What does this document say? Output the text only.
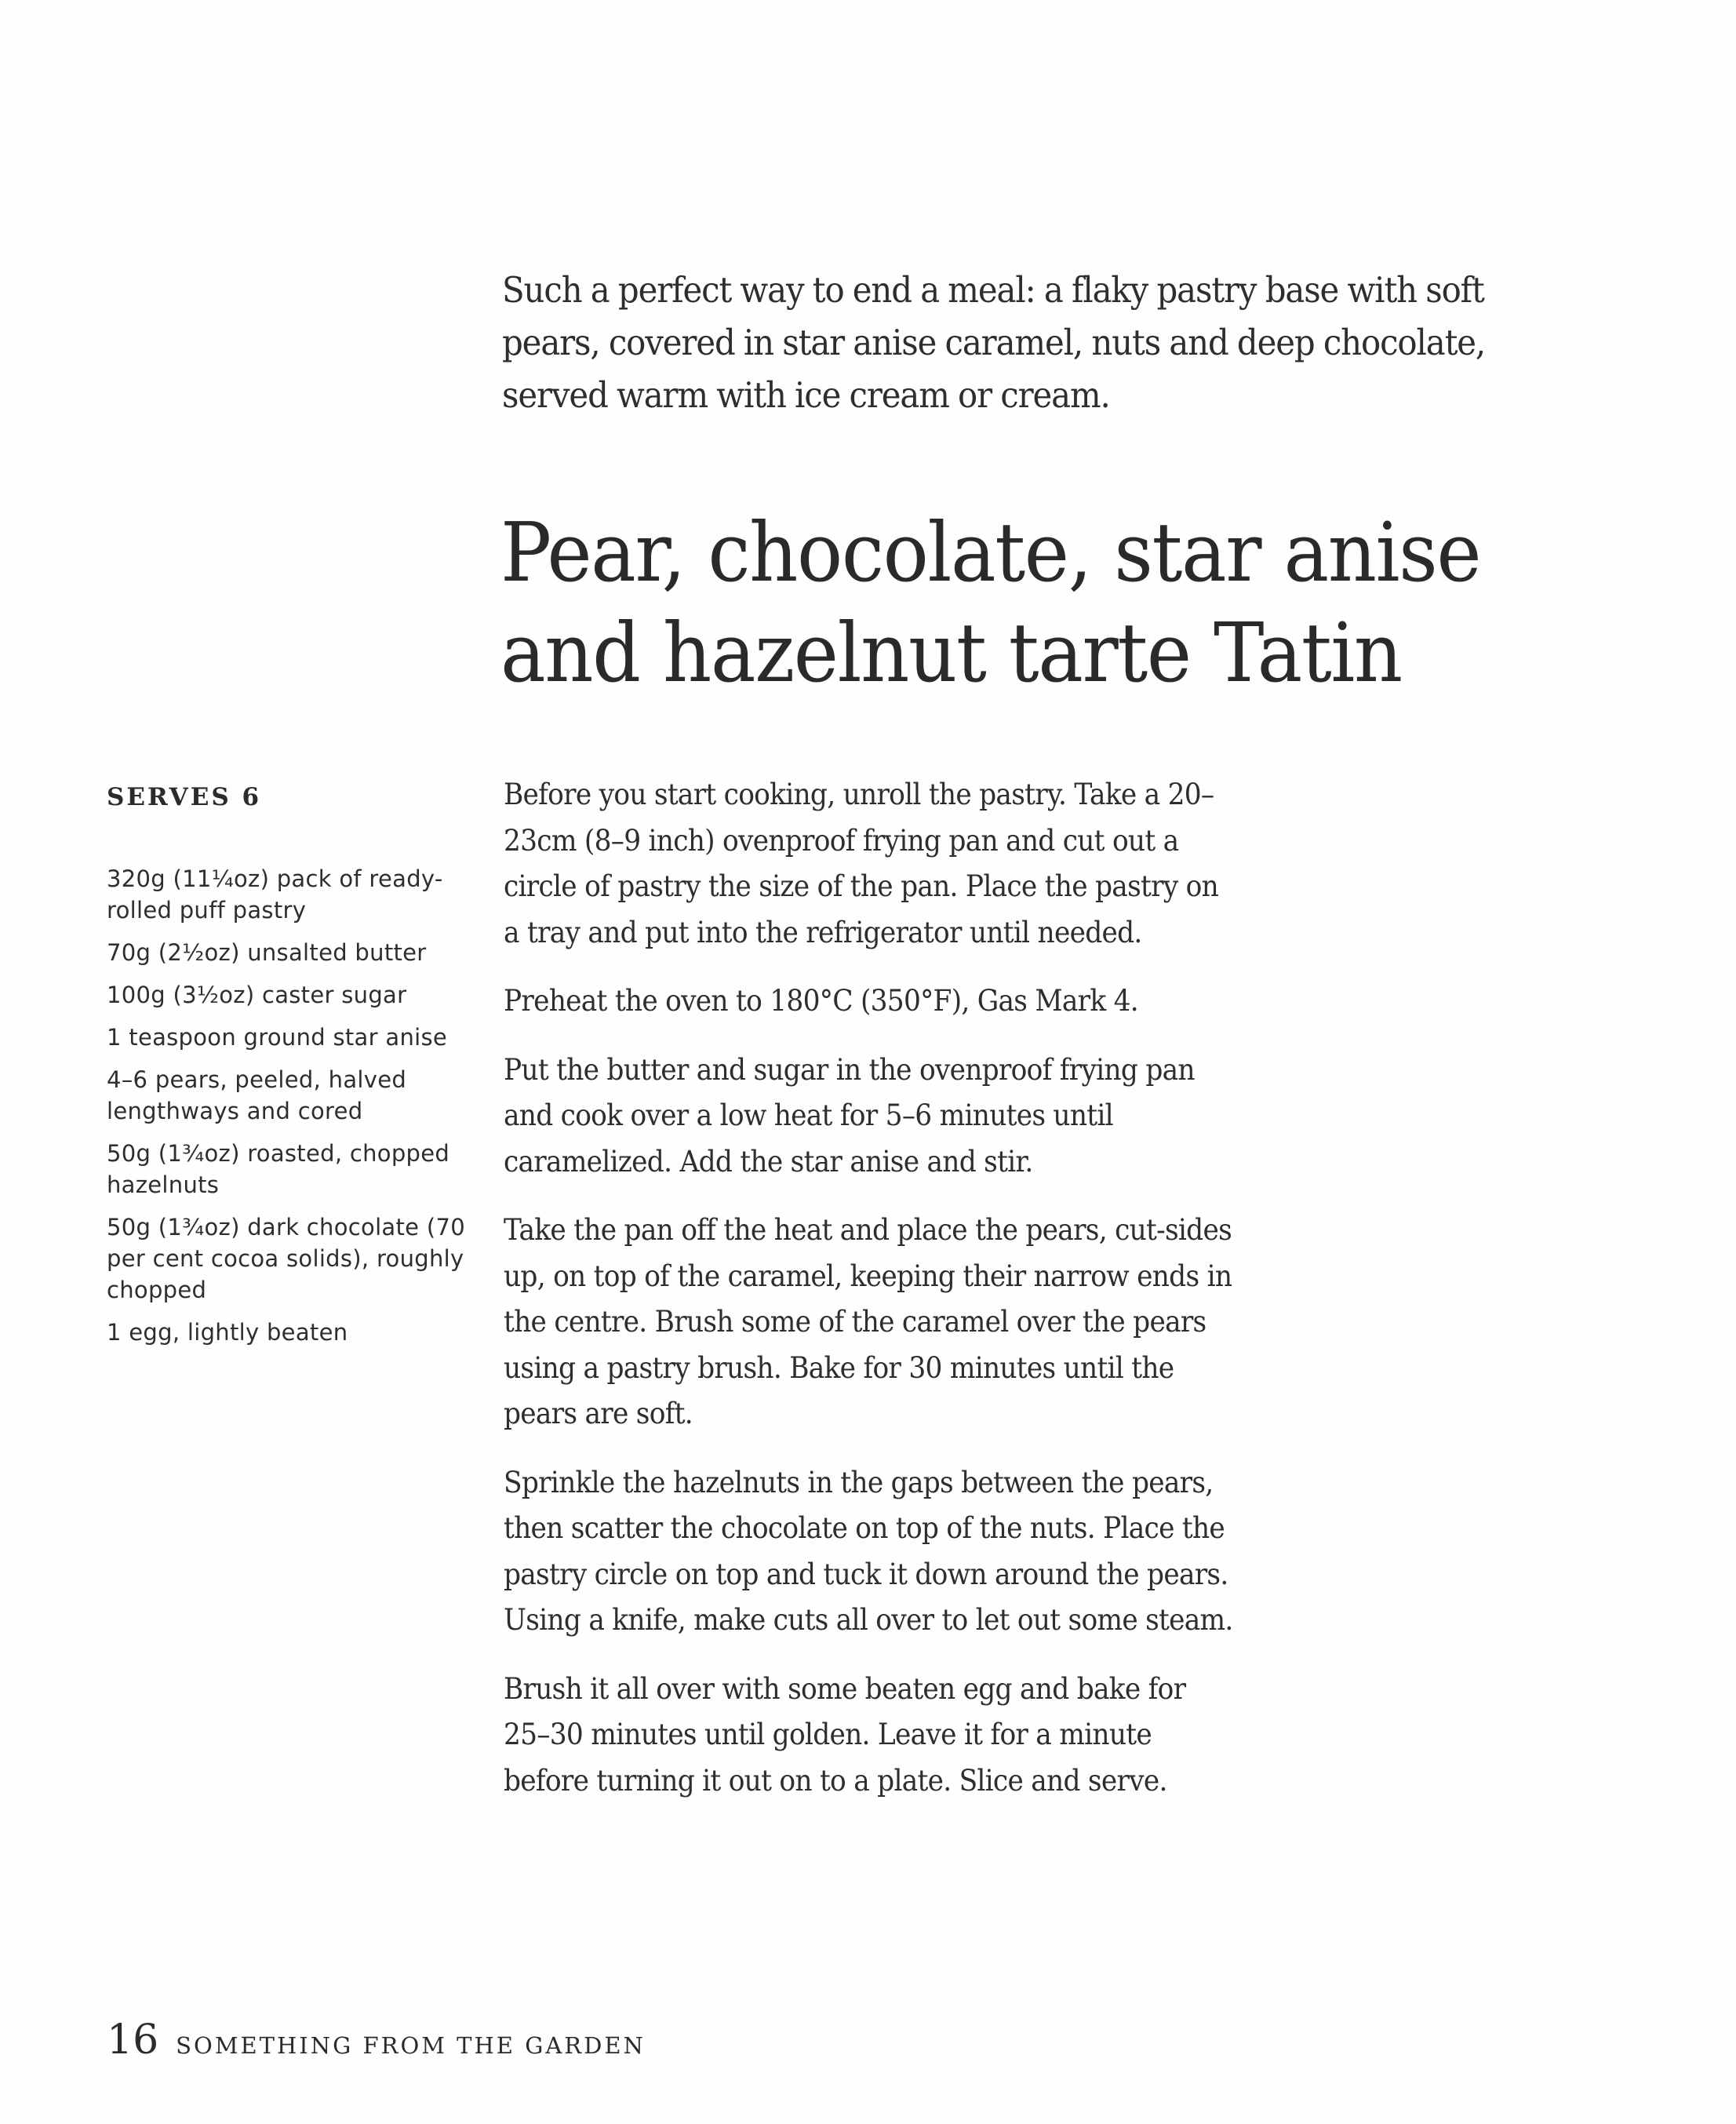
Such a perfect way to end a meal: a flaky pastry base with soft pears, covered in star anise caramel, nuts and deep chocolate, served warm with ice cream or cream.
Pear, chocolate, star anise
and hazelnut tarte Tatin
SERVES 6
320g (11¼oz) pack of ready-rolled puff pastry
70g (2½oz) unsalted butter
100g (3½oz) caster sugar
1 teaspoon ground star anise
4–6 pears, peeled, halved lengthways and cored
50g (1¾oz) roasted, chopped hazelnuts
50g (1¾oz) dark chocolate (70 per cent cocoa solids), roughly chopped
1 egg, lightly beaten

Before you start cooking, unroll the pastry. Take a 20–23cm (8–9 inch) ovenproof frying pan and cut out a circle of pastry the size of the pan. Place the pastry on a tray and put into the refrigerator until needed.

Preheat the oven to 180°C (350°F), Gas Mark 4.

Put the butter and sugar in the ovenproof frying pan and cook over a low heat for 5–6 minutes until caramelized. Add the star anise and stir.

Take the pan off the heat and place the pears, cut-sides up, on top of the caramel, keeping their narrow ends in the centre. Brush some of the caramel over the pears using a pastry brush. Bake for 30 minutes until the pears are soft.

Sprinkle the hazelnuts in the gaps between the pears, then scatter the chocolate on top of the nuts. Place the pastry circle on top and tuck it down around the pears. Using a knife, make cuts all over to let out some steam.

Brush it all over with some beaten egg and bake for 25–30 minutes until golden. Leave it for a minute before turning it out on to a plate. Slice and serve.

16 SOMETHING FROM THE GARDEN
